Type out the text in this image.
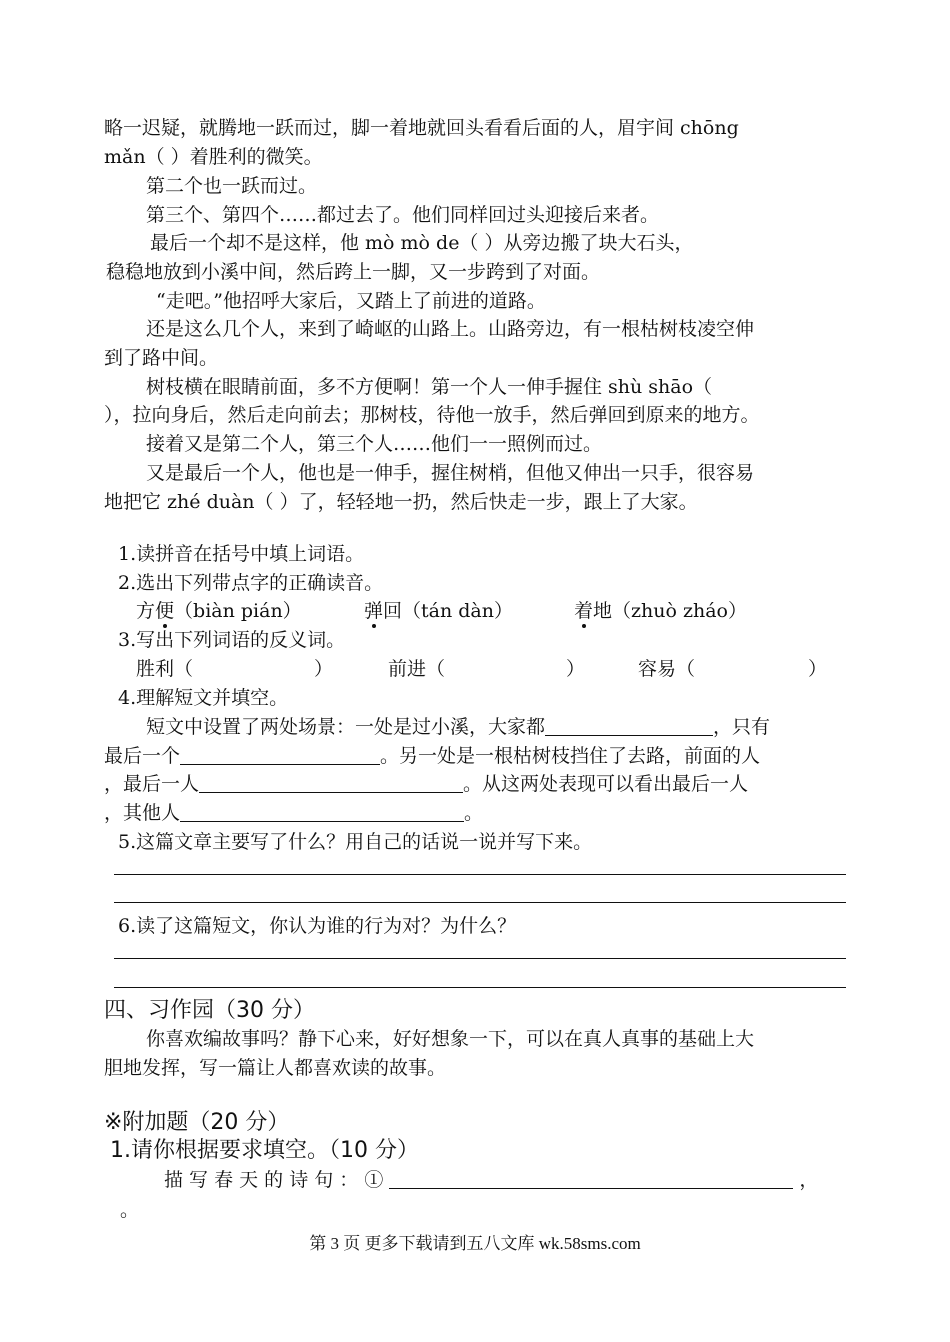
略一迟疑，就腾地一跃而过，脚一着地就回头看看后面的人，眉宇间 chōng
mǎn（ ）着胜利的微笑。
第二个也一跃而过。
第三个、第四个……都过去了。他们同样回过头迎接后来者。
最后一个却不是这样，他 mò mò de（ ）从旁边搬了块大石头，
稳稳地放到小溪中间，然后跨上一脚，又一步跨到了对面。
“走吧。”他招呼大家后，又踏上了前进的道路。
还是这么几个人，来到了崎岖的山路上。山路旁边，有一根枯树枝凌空伸
到了路中间。
树枝横在眼睛前面，多不方便啊！第一个人一伸手握住 shù shāo（
），拉向身后，然后走向前去；那树枝，待他一放手，然后弹回到原来的地方。
接着又是第二个人，第三个人……他们一一照例而过。
又是最后一个人，他也是一伸手，握住树梢，但他又伸出一只手，很容易
地把它 zhé duàn（ ）了，轻轻地一扔，然后快走一步，跟上了大家。
1.读拼音在括号中填上词语。
2.选出下列带点字的正确读音。
方便（biàn pián）	弹回（tán dàn）	着地（zhuò zháo）
3.写出下列词语的反义词。
胜利（	）	前进（	）	容易（	）
4.理解短文并填空。
短文中设置了两处场景：一处是过小溪，大家都	，只有
最后一个	。另一处是一根枯树枝挡住了去路，前面的人
，最后一人	。从这两处表现可以看出最后一人
，其他人	。
5.这篇文章主要写了什么？用自己的话说一说并写下来。
6.读了这篇短文，你认为谁的行为对？为什么？
四、习作园（30 分）
你喜欢编故事吗？静下心来，好好想象一下，可以在真人真事的基础上大
胆地发挥，写一篇让人都喜欢读的故事。
※附加题（20 分）
1.请你根据要求填空。（10 分）
描 写 春 天 的 诗 句 ： ①	，
。
第 3 页 更多下载请到五八文库 wk.58sms.com
